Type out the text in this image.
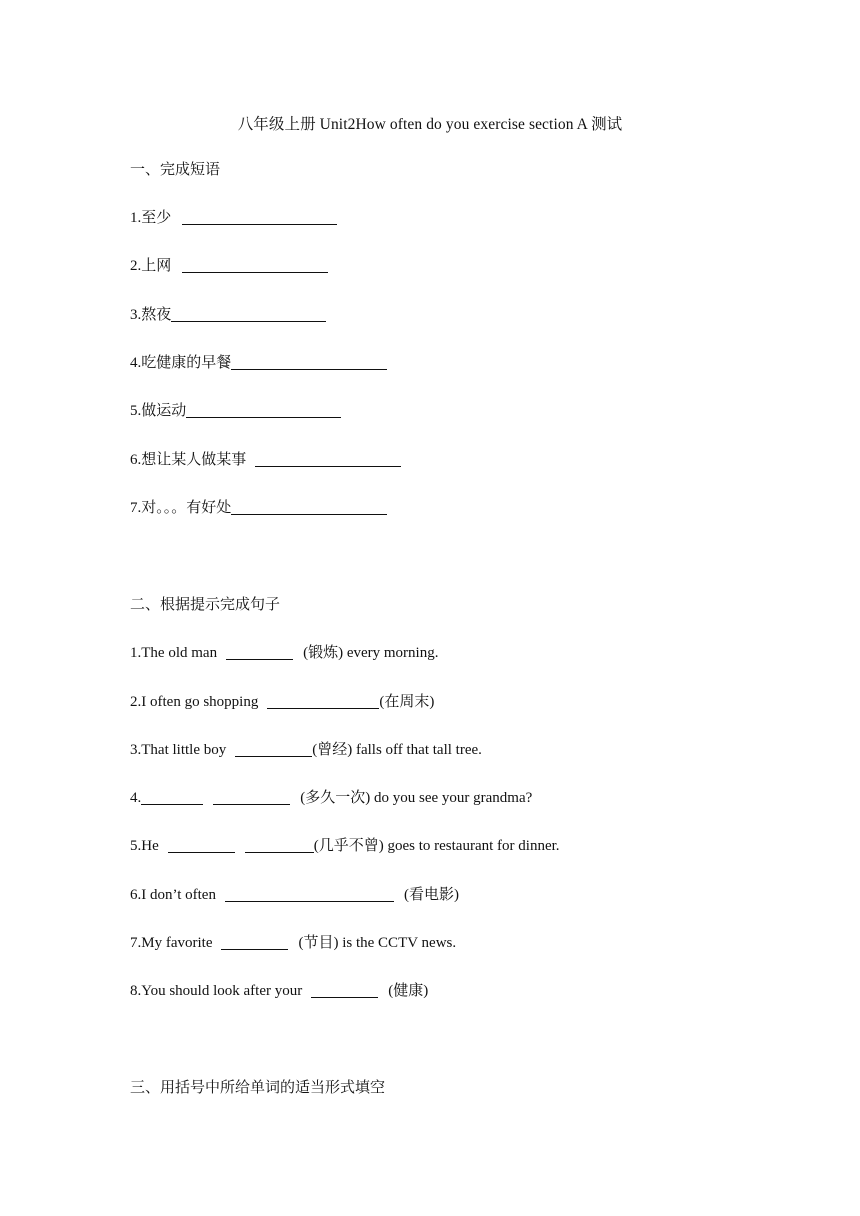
八年级上册 Unit2How often do you exercise section A 测试
一、完成短语
1.至少
2.上网
3.熬夜
4.吃健康的早餐
5.做运动
6.想让某人做某事
7.对。。。有好处
二、根据提示完成句子
1.The old man	(锻炼) every morning.
2.I often go shopping	(在周末)
3.That little boy	(曾经) falls off that tall tree.
4.	(多久一次) do you see your grandma?
5.He	(几乎不曾) goes to restaurant for dinner.
6.I don’t often	(看电影)
7.My favorite	(节目) is the CCTV news.
8.You should look after your	(健康)
三、用括号中所给单词的适当形式填空
